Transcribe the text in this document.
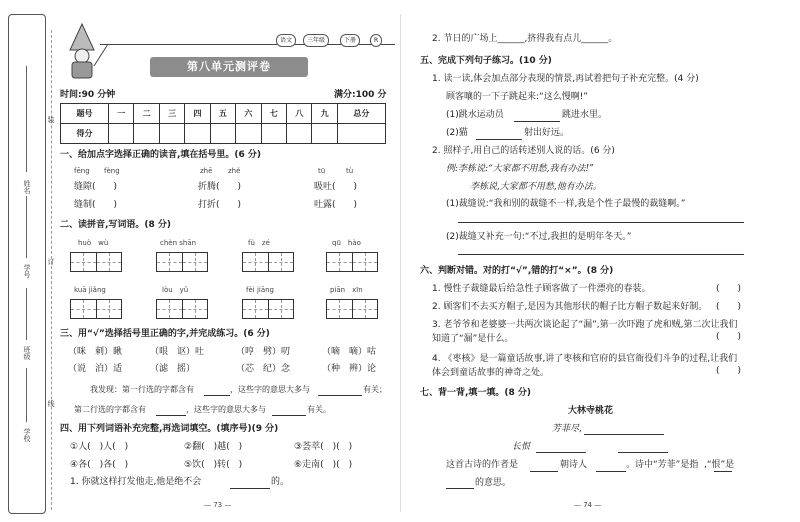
姓名
学号
班级
学校
装
订
线
语文	三年级	下册	R
第八单元测评卷
时间:90 分钟	满分:100 分
题号	一	二	三	四	五	六	七	八	九	总分
得分										
一、给加点字选择正确的读音,填在括号里。(6 分)
fēng fèng	zhē zhé	tū	tù
缝隙(　　)	折腾(　　)	吸吐(　　)
缝制(　　)	打折(　　)	吐露(　　)
二、读拼音,写词语。(8 分)
huò　wù	chèn shān	fù　zé	qū　hào
kuā jiǎng	lòu　yǔ	fèi jiāng	piān　xīn
三、用“√”选择括号里正确的字,并完成练习。(6 分)
（咪　刺）瞅	（哏　讴）吐	（哼　劈）叨	（嘀　嘀）咕
（说　泊）适	（滤　摇）	（芯　纪）念	（种　辨）论
我发现：第一行选的字都含有	，这些字的意思大多与	有关；
第二行选的字都含有	，这些字的意思大多与	有关。
四、用下列词语补充完整,再选词填空。(填序号)(9 分)
①人(　)人(　)	②翻(　)越(　)	③荟萃(　)(　)
④各(　)各(　)	⑤饮(　)转(　)	⑥走南(　)(　)
1. 你就这样打发他走,他是绝不会	的。
— 73 —
2. 节日的广场上______,挤得我有点儿______。
五、完成下列句子练习。(10 分)
1. 读一读,体会加点部分表现的情景,再试着把句子补充完整。(4 分)
顾客嚷的一下子跳起来:“这么慢啊!”
(1)跳水运动员	跳进水里。
(2)猫	射出好远。
2. 照样子,用自己的话转述别人说的话。(6 分)
例:李栋说:“大家都不用愁,我有办法!”
李栋说,大家都不用愁,他有办法。
(1)裁缝说:“我和别的裁缝不一样,我是个性子最慢的裁缝啊。”
(2)裁缝又补充一句:“不过,我担的是明年冬天。”
六、判断对错。对的打“√”,错的打“×”。(8 分)
1. 慢性子裁缝最后给急性子顾客做了一件漂亮的春装。	(　　)
2. 顾客们不去买方帽子,是因为其他形状的帽子比方帽子数起来好制。 (　　)
3. 老爷爷和老婆婆一共两次谈论起了“漏”,第一次吓跑了虎和贼,第二次让我们知道了“漏”是什么。	(　　)
4. 《枣核》是一篇童话故事,讲了枣核和官府的县官衙役们斗争的过程,让我们体会到童话故事的神奇之处。	(　　)
七、背一背,填一填。(8 分)
大林寺桃花
芳菲尽,
长恨
这首古诗的作者是	朝诗人	。诗中“芳菲”是指 ,“恨”是
的意思。
— 74 —
